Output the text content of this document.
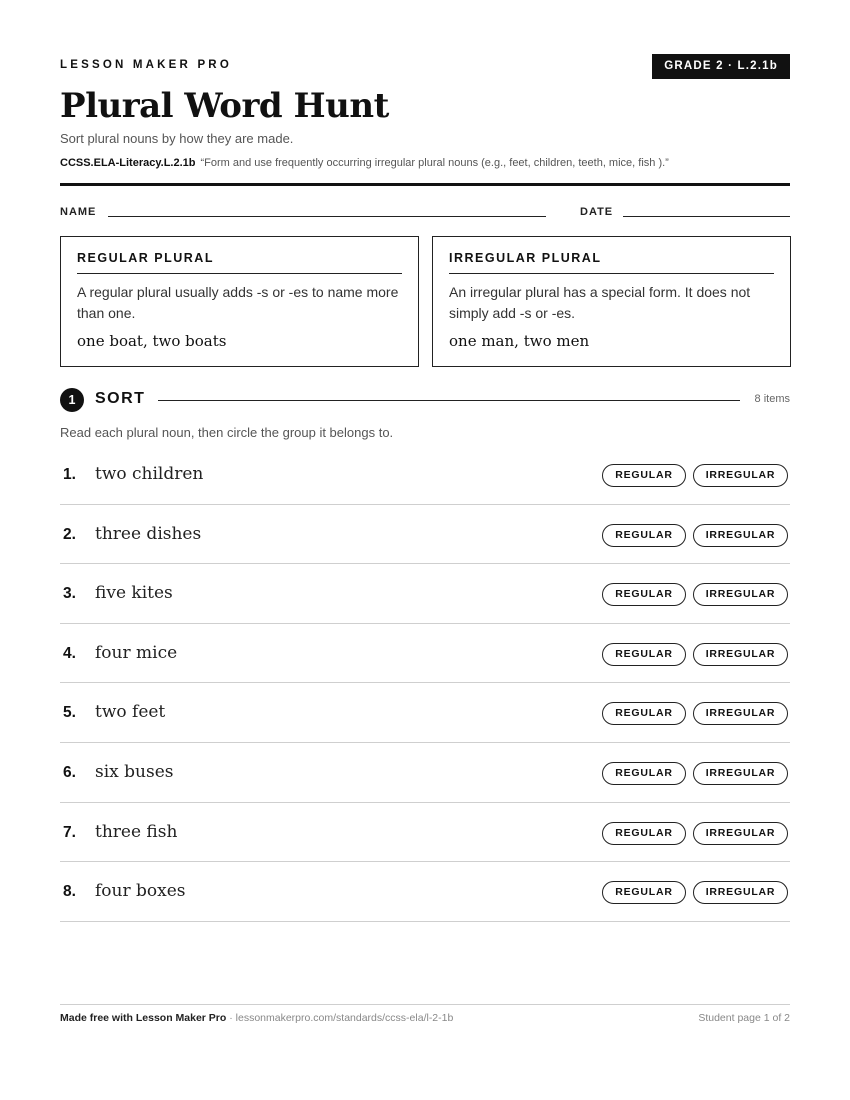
LESSON MAKER PRO	GRADE 2 · L.2.1b
Plural Word Hunt
Sort plural nouns by how they are made.
CCSS.ELA-Literacy.L.2.1b “Form and use frequently occurring irregular plural nouns (e.g., feet, children, teeth, mice, fish ).”
NAME	DATE
REGULAR PLURAL
A regular plural usually adds -s or -es to name more than one.
one boat, two boats
IRREGULAR PLURAL
An irregular plural has a special form. It does not simply add -s or -es.
one man, two men
1	SORT	8 items
Read each plural noun, then circle the group it belongs to.
1. two children	REGULAR	IRREGULAR
2. three dishes	REGULAR	IRREGULAR
3. five kites	REGULAR	IRREGULAR
4. four mice	REGULAR	IRREGULAR
5. two feet	REGULAR	IRREGULAR
6. six buses	REGULAR	IRREGULAR
7. three fish	REGULAR	IRREGULAR
8. four boxes	REGULAR	IRREGULAR
Made free with Lesson Maker Pro · lessonmakerpro.com/standards/ccss-ela/l-2-1b	Student page 1 of 2
